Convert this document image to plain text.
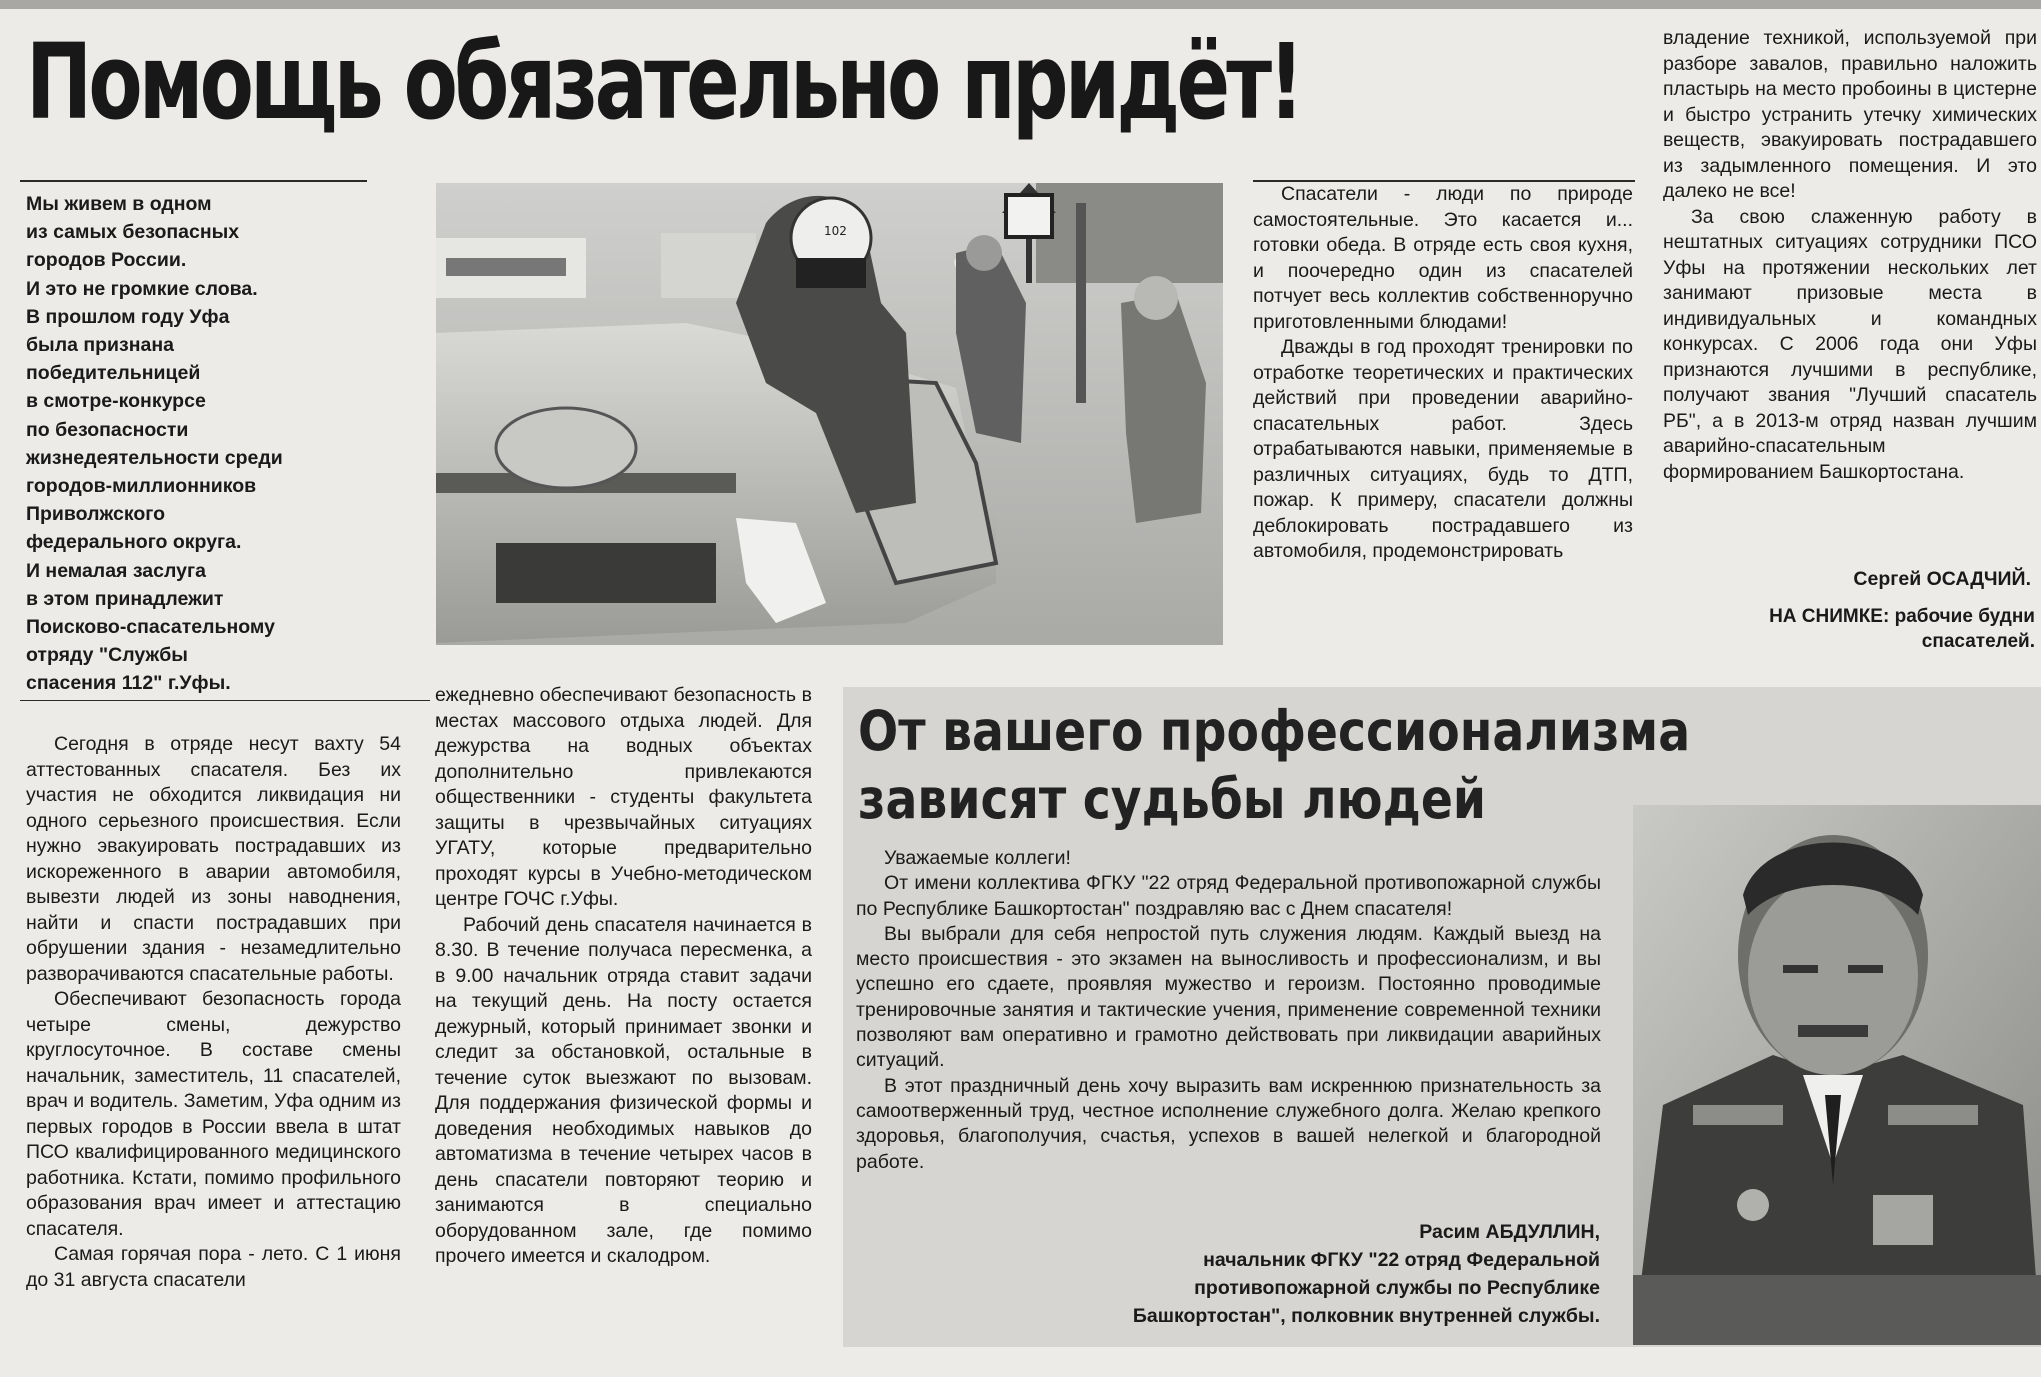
Помощь обязательно придёт!
Мы живем в одном
из самых безопасных
городов России.
И это не громкие слова.
В прошлом году Уфа
была признана
победительницей
в смотре-конкурсе
по безопасности
жизнедеятельности среди
городов-миллионников
Приволжского
федерального округа.
И немалая заслуга
в этом принадлежит
Поисково-спасательному
отряду "Службы
спасения 112" г.Уфы.
102

Сегодня в отряде несут вахту 54 аттестованных спасателя. Без их участия не обходится ликвидация ни одного серьезного происшествия. Если нужно эвакуировать пострадавших из искореженного в аварии автомобиля, вывезти людей из зоны наводнения, найти и спасти пострадавших при обрушении здания - незамедлительно разворачиваются спасательные работы.

Обеспечивают безопасность города четыре смены, дежурство круглосуточное. В составе смены начальник, заместитель, 11 спасателей, врач и водитель. Заметим, Уфа одним из первых городов в России ввела в штат ПСО квалифицированного медицинского работника. Кстати, помимо профильного образования врач имеет и аттестацию спасателя.

Самая горячая пора - лето. С 1 июня до 31 августа спасатели

ежедневно обеспечивают безопасность в местах массового отдыха людей. Для дежурства на водных объектах дополнительно привлекаются общественники - студенты факультета защиты в чрезвычайных ситуациях УГАТУ, которые предварительно проходят курсы в Учебно-методическом центре ГОЧС г.Уфы.

Рабочий день спасателя начинается в 8.30. В течение получаса пересменка, а в 9.00 начальник отряда ставит задачи на текущий день. На посту остается дежурный, который принимает звонки и следит за обстановкой, остальные в течение суток выезжают по вызовам. Для поддержания физической формы и доведения необходимых навыков до автоматизма в течение четырех часов в день спасатели повторяют теорию и занимаются в специально оборудованном зале, где помимо прочего имеется и скалодром.

Спасатели - люди по природе самостоятельные. Это касается и... готовки обеда. В отряде есть своя кухня, и поочередно один из спасателей потчует весь коллектив собственноручно приготовленными блюдами!

Дважды в год проходят тренировки по отработке теоретических и практических действий при проведении аварийно-спасательных работ. Здесь отрабатываются навыки, применяемые в различных ситуациях, будь то ДТП, пожар. К примеру, спасатели должны деблокировать пострадавшего из автомобиля, продемонстрировать

владение техникой, используемой при разборе завалов, правильно наложить пластырь на место пробоины в цистерне и быстро устранить утечку химических веществ, эвакуировать пострадавшего из задымленного помещения. И это далеко не все!

За свою слаженную работу в нештатных ситуациях сотрудники ПСО Уфы на протяжении нескольких лет занимают призовые места в индивидуальных и командных конкурсах. С 2006 года они Уфы признаются лучшими в республике, получают звания "Лучший спасатель РБ", а в 2013-м отряд назван лучшим аварийно-спасательным формированием Башкортостана.

Сергей ОСАДЧИЙ.
НА СНИМКЕ: рабочие будни спасателей.
От вашего профессионализма
зависят судьбы людей

Уважаемые коллеги!

От имени коллектива ФГКУ "22 отряд Федеральной противопожарной службы по Республике Башкортостан" поздравляю вас с Днем спасателя!

Вы выбрали для себя непростой путь служения людям. Каждый выезд на место происшествия - это экзамен на выносливость и профессионализм, и вы успешно его сдаете, проявляя мужество и героизм. Постоянно проводимые тренировочные занятия и тактические учения, применение современной техники позволяют вам оперативно и грамотно действовать при ликвидации аварийных ситуаций.

В этот праздничный день хочу выразить вам искреннюю признательность за самоотверженный труд, честное исполнение служебного долга. Желаю крепкого здоровья, благополучия, счастья, успехов в вашей нелегкой и благородной работе.

Расим АБДУЛЛИН,
начальник ФГКУ "22 отряд Федеральной
противопожарной службы по Республике
Башкортостан", полковник внутренней службы.
